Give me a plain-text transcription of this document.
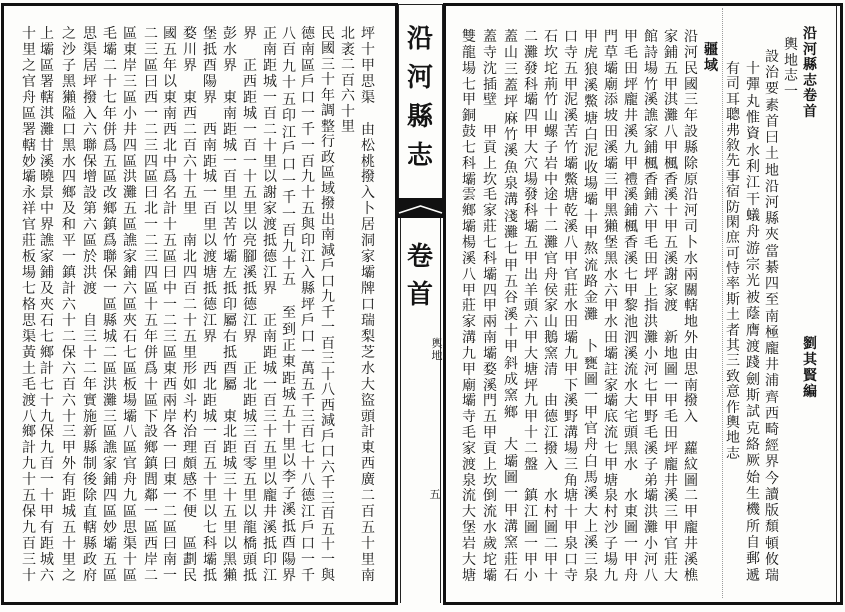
沿
河
縣
志
卷
首
輿
地
五
沿
河
縣
志
卷
首
劉
其
賢
編
輿
地
志
一
設
治
要
素
首
曰
土
地
沿
河
縣
夾
當
綦
四
至
南
極
龐
井
浦
齊
西
畸
經
界
今
讀
版
頹
頓
攸
瑞
十
彈
丸
惟
資
水
利
江
干
蟻
舟
游
宗
光
被
蔭
膺
渡
踐
劍
斯
試
克
絡
厥
始
生
機
所
自
郵
遞
有
司
耳
聰
弗
敘
先
事
宿
防
閑
庶
可
恃
率
斯
土
者
其
三
致
意
作
輿
地
志
疆
域
沿
河
民
國
三
年
設
縣
除
原
沿
河
司
卜
水
兩
關
轄
地
外
由
思
南
撥
入

蘿
紋
圖
二
甲
龐
井
溪
樵
家
鋪
五
甲
淇
灘
八
甲
楓
香
溪
十
甲
五
溪
謝
家
渡

新
地
圖
一
甲
毛
田
坪
龐
井
溪
三
甲
官
莊
大
館
詩
場
竹
溪
譙
家
鋪
楓
香
鋪
六
甲
毛
田
坪
上
指
洪
灘
小
河
七
甲
野
毛
溪
子
弟
壩
洪
灘
小
河
八
甲
毛
田
坪
龐
井
溪
九
甲
禮
溪
鋪
楓
香
溪
七
甲
黎
池
泗
溪
流
水
大
宅
頭
黑
水

水
東
圖
一
甲
舟
門
草
壩
廟
添
坡
田
溪
壩
三
甲
黑
獺
堡
黑
水
六
甲
水
田
壩
註
家
壩
底
流
七
甲
塘
泉
村
沙
子
場
九
甲
虎
狼
溪
鱉
塘
白
泥
收
場
壩
十
甲
熬
流
路
金
灘

卜
甕
圖
一
甲
官
舟
白
馬
溪
大
上
溪
三
泉
口
寺
五
甲
泥
溪
苦
竹
壩
鱉
塘
乾
溪
八
甲
官
莊
水
田
壩
九
甲
下
溪
野
溝
場
三
角
塘
十
甲
泉
口
寺
石
坎
坨
荊
竹
山
螺
子
岩
中
途
十
二
灘
官
舟
侯
家
山
鵝
窯
清

由
德
江
撥
入

水
村
圖
二
甲
十
二
灘
發
科
壩
四
甲
大
穴
場
發
科
壩
五
甲
出
羊
頭
六
甲
大
塘
坪
九
甲
十
二
盤

鎮
江
圖
一
甲
小
蓋
山
三
蓋
坪
麻
竹
溪
魚
泉
溝
淺
灘
七
甲
五
谷
溪
十
甲
斜
成
窯
鄉

大
壩
圖
一
甲
溝
窯
莊
石
蓋
寺
沈
插
壁

甲
貢
上
坎
毛
家
莊
七
科
壩
四
甲
兩
南
壩
婺
溪
門
五
甲
貢
上
坎
倒
流
水
歲
坨
壩
雙
龍
場
七
甲
銅
鼓
七
科
壩
雲
鄉
壩
楊
溪
八
甲
莊
家
溝
九
甲
廟
壩
寺
毛
家
渡
泉
流
大
堡
岩
大
塘
坪
十
甲
思
渠

由
松
桃
撥
入
卜
居
洞
家
壩
牌
口
瑞
梨
芝
水
大
盜
頭
計
東
西
廣
二
百
五
十
里
南
北
袤
二
百
六
十
里
民
國
三
十
年
調
整
行
政
區
域
撥
出
南
減
戶
口
九
千
一
百
三
十
八
西
減
戶
口
六
千
三
百
五
十
一
與
德
南
區
戶
口
一
千
一
百
九
十
五
與
印
江
入
縣
坪
戶
口
一
萬
五
千
三
百
七
十
八
德
江
戶
口
一
千
八
百
九
十
五
印
江
戶
口
一
千
一
百
九
十
五

至
到
正
東
距
城
五
十
里
以
李
子
溪
抵
酉
陽
界
正
南
距
城
一
百
二
十
里
以
謝
家
渡
抵
德
江
界

正
南
距
城
一
百
三
十
五
里
以
龐
井
溪
抵
印
江
界

正
西
距
城
一
百
一
十
五
里
以
亮
腳
溪
抵
德
江
界

正
北
距
城
三
百
零
五
里
以
龍
橋
頭
抵
彭
水
界

東
南
距
城
一
百
里
以
苦
竹
壩
左
抵
印
屬
右
抵
酉
屬

東
北
距
城
三
十
五
里
以
黑
獺
堡
抵
酉
陽
界

西
南
距
城
一
百
里
以
渡
塘
抵
德
江
界

西
北
距
城
一
百
五
十
里
以
七
科
壩
抵
婺
川
界

東
西
二
百
六
十
五
里

南
北
四
百
二
十
五
里
形
如
斗
杓
治
理
頗
感
不
便

區
劃
民
國
五
年
以
東
南
西
北
中
爲
名
計
十
五
區
曰
中
一
二
三
區
東
西
兩
岸
各
一
曰
東
一
二
區
曰
南
一
二
三
區
曰
西
一
二
三
四
區
曰
北
一
二
三
四
區
十
五
年
併
爲
十
區
下
設
鄉
鎮
閭
鄰
一
區
西
岸
二
區
東
岸
三
區
小
井
四
區
洪
灘
五
區
譙
家
鋪
六
區
夾
石
七
區
板
場
壩
八
區
官
舟
九
區
思
渠
十
區
毛
壩
二
十
七
年
併
爲
五
區
改
鄉
鎮
爲
聯
保
一
區
縣
城
二
區
洪
灘
三
區
譙
家
鋪
四
區
妙
壩
五
區
思
渠
居
坪
撥
入
六
聯
保
增
設
第
六
區
於
洪
渡

自
三
十
二
年
實
施
新
縣
制
後
除
直
轄
縣
政
府
之
沙
子
黑
獺
隘
口
黑
水
四
鄉
及
和
平
一
鎮
計
六
十
二
保
六
百
六
十
三
甲
外
有
距
城
五
十
里
之
上
壩
區
署
轄
淇
灘
甘
溪
曉
景
中
界
譙
家
鋪
及
夾
石
七
鄉
計
七
十
九
保
九
百
一
十
甲
有
距
城
六
十
里
之
官
舟
區
署
轄
妙
壩
永
祥
官
莊
板
場
七
格
思
渠
黃
土
毛
渡
八
鄉
計
九
十
五
保
九
百
三
十
